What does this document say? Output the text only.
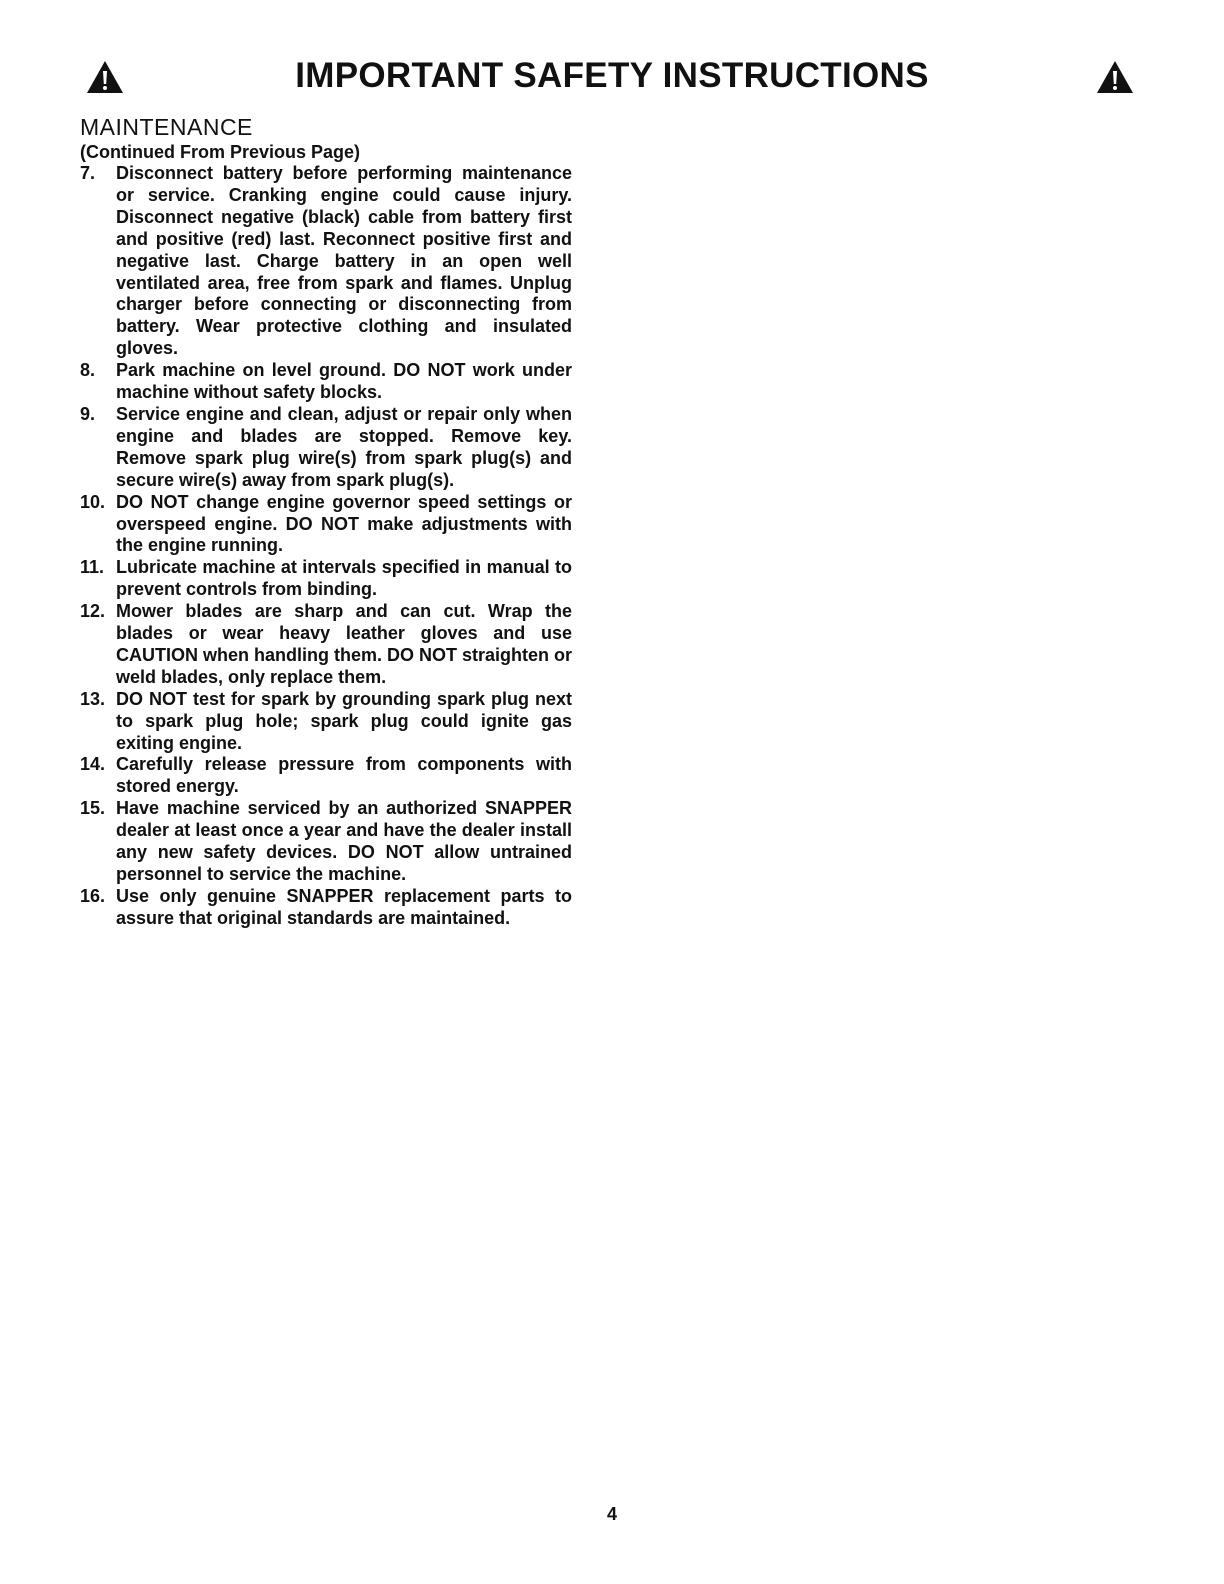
IMPORTANT SAFETY INSTRUCTIONS
MAINTENANCE

(Continued From Previous Page)

7.	Disconnect battery before performing maintenance or service. Cranking engine could cause injury. Disconnect negative (black) cable from battery first and positive (red) last. Reconnect positive first and negative last. Charge battery in an open well ventilated area, free from spark and flames. Unplug charger before connecting or disconnecting from battery. Wear protective clothing and insulated gloves.
8.	Park machine on level ground. DO NOT work under machine without safety blocks.
9.	Service engine and clean, adjust or repair only when engine and blades are stopped. Remove key. Remove spark plug wire(s) from spark plug(s) and secure wire(s) away from spark plug(s).
10. DO NOT change engine governor speed settings or overspeed engine. DO NOT make adjustments with the engine running.
11. Lubricate machine at intervals specified in manual to prevent controls from binding.
12. Mower blades are sharp and can cut. Wrap the blades or wear heavy leather gloves and use CAUTION when handling them. DO NOT straighten or weld blades, only replace them.
13. DO NOT test for spark by grounding spark plug next to spark plug hole; spark plug could ignite gas exiting engine.
14. Carefully release pressure from components with stored energy.
15. Have machine serviced by an authorized SNAPPER dealer at least once a year and have the dealer install any new safety devices. DO NOT allow untrained personnel to service the machine.
16. Use only genuine SNAPPER replacement parts to assure that original standards are maintained.
4
